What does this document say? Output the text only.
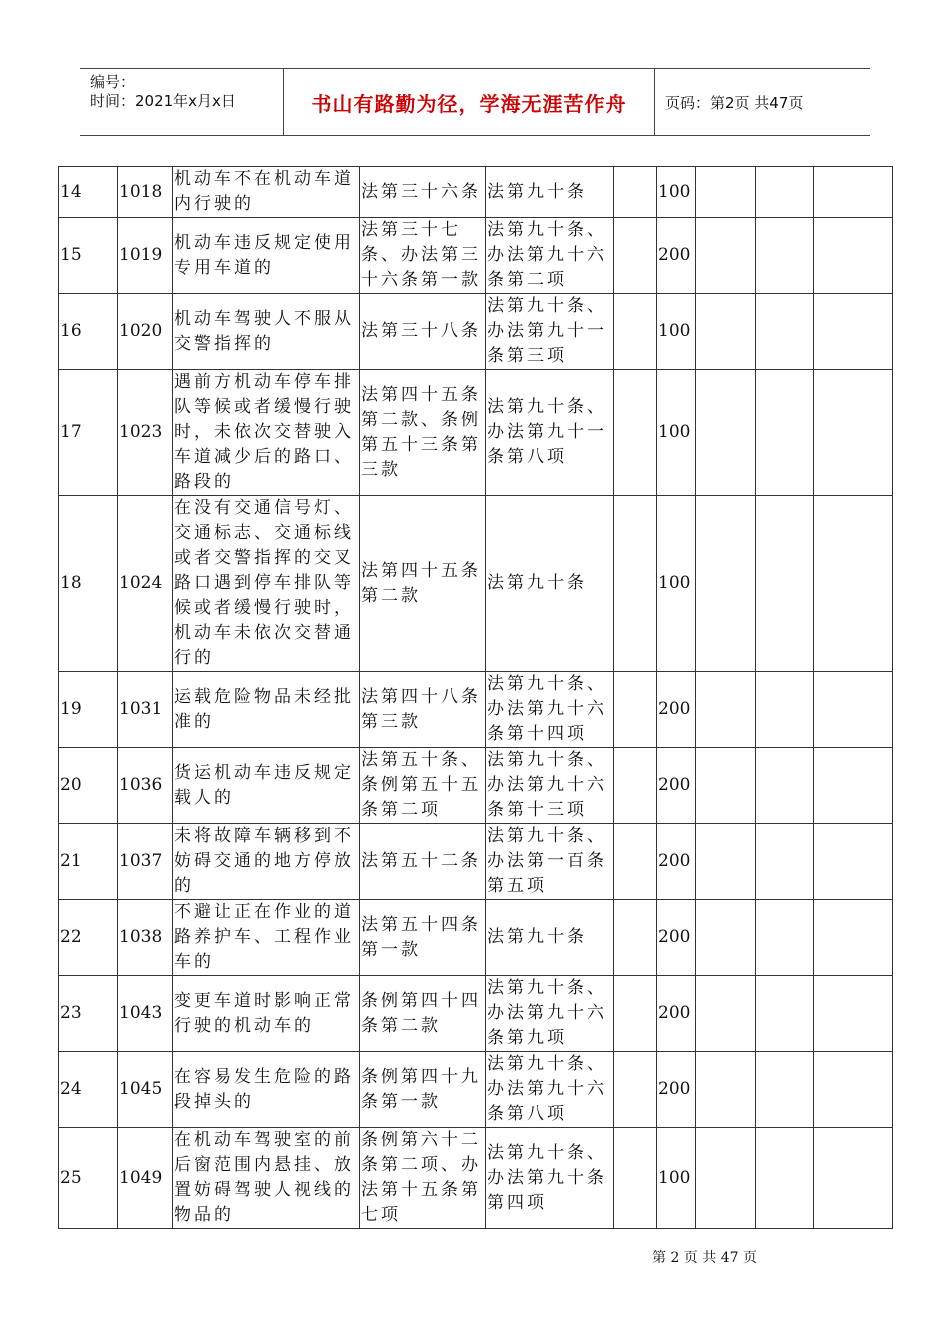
编号：
时间：2021年x月x日	书山有路勤为径，学海无涯苦作舟	页码：第2页 共47页
14	1018	机动车不在机动车道内行驶的	法第三十六条	法第九十条		100			
15	1019	机动车违反规定使用专用车道的	法第三十七条、办法第三十六条第一款	法第九十条、办法第九十六条第二项		200			
16	1020	机动车驾驶人不服从交警指挥的	法第三十八条	法第九十条、办法第九十一条第三项		100			
17	1023	遇前方机动车停车排队等候或者缓慢行驶时，未依次交替驶入车道减少后的路口、路段的	法第四十五条第二款、条例第五十三条第三款	法第九十条、办法第九十一条第八项		100			
18	1024	在没有交通信号灯、交通标志、交通标线或者交警指挥的交叉路口遇到停车排队等候或者缓慢行驶时，机动车未依次交替通行的	法第四十五条第二款	法第九十条		100			
19	1031	运载危险物品未经批准的	法第四十八条第三款	法第九十条、办法第九十六条第十四项		200			
20	1036	货运机动车违反规定载人的	法第五十条、条例第五十五条第二项	法第九十条、办法第九十六条第十三项		200			
21	1037	未将故障车辆移到不妨碍交通的地方停放的	法第五十二条	法第九十条、办法第一百条第五项		200			
22	1038	不避让正在作业的道路养护车、工程作业车的	法第五十四条第一款	法第九十条		200			
23	1043	变更车道时影响正常行驶的机动车的	条例第四十四条第二款	法第九十条、办法第九十六条第九项		200			
24	1045	在容易发生危险的路段掉头的	条例第四十九条第一款	法第九十条、办法第九十六条第八项		200			
25	1049	在机动车驾驶室的前后窗范围内悬挂、放置妨碍驾驶人视线的物品的	条例第六十二条第二项、办法第十五条第七项	法第九十条、办法第九十条第四项		100			
第 2 页 共 47 页
